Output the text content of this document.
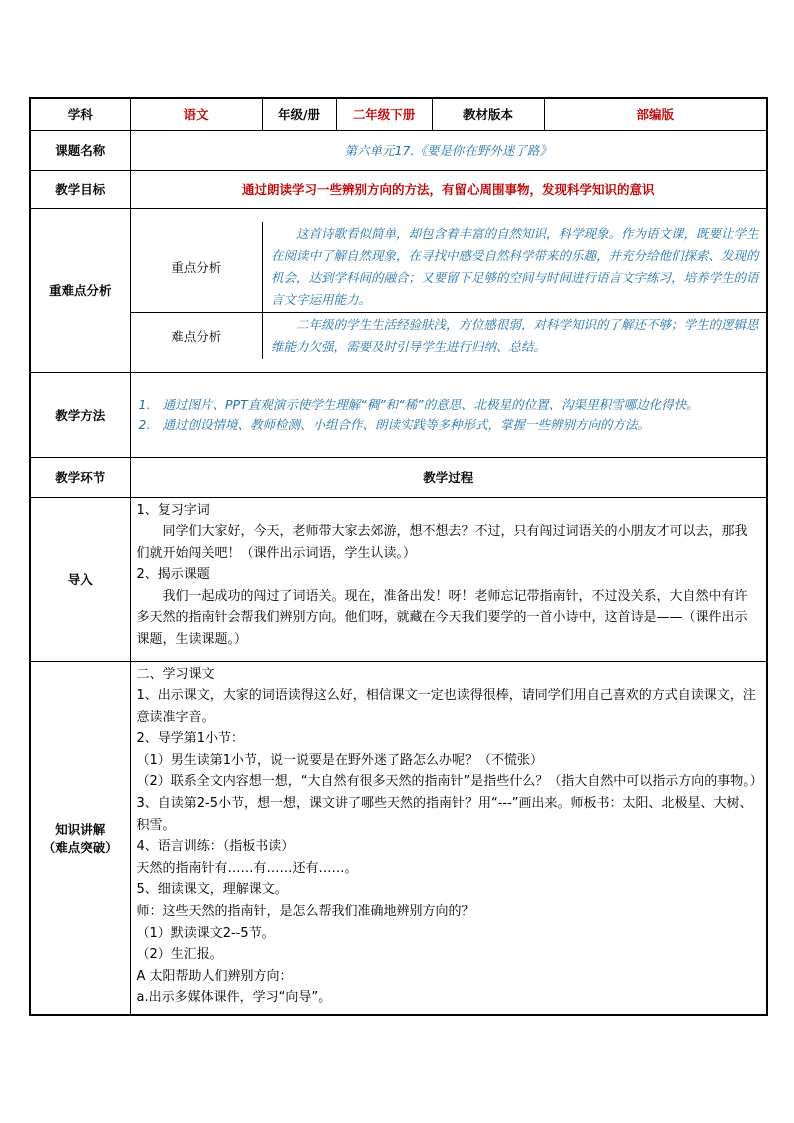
学科	语文	年级/册	二年级下册	教材版本	部编版
课题名称	第六单元17.《要是你在野外迷了路》
教学目标	通过朗读学习一些辨别方向的方法，有留心周围事物，发现科学知识的意识
重难点分析	
重点分析	这首诗歌看似简单，却包含着丰富的自然知识，科学现象。作为语文课，既要让学生在阅读中了解自然现象，在寻找中感受自然科学带来的乐趣，并充分给他们探索、发现的机会，达到学科间的融合；又要留下足够的空间与时间进行语言文字练习，培养学生的语言文字运用能力。
难点分析	二年级的学生生活经验肤浅，方位感很弱，对科学知识的了解还不够；学生的逻辑思维能力欠强，需要及时引导学生进行归纳、总结。

教学方法	
1. 通过图片、PPT直观演示使学生理解“稠”和“稀”的意思、北极星的位置、沟渠里积雪哪边化得快。
2. 通过创设情境、教师检测、小组合作、朗读实践等多种形式，掌握一些辨别方向的方法。

教学环节	教学过程
导入	
1、复习字词
同学们大家好，今天，老师带大家去郊游，想不想去？不过，只有闯过词语关的小朋友才可以去，那我们就开始闯关吧！（课件出示词语，学生认读。）
2、揭示课题
我们一起成功的闯过了词语关。现在，准备出发！呀！老师忘记带指南针，不过没关系，大自然中有许多天然的指南针会帮我们辨别方向。他们呀，就藏在今天我们要学的一首小诗中，这首诗是——（课件出示课题，生读课题。）

知识讲解
（难点突破）

二、学习课文
1、出示课文，大家的词语读得这么好，相信课文一定也读得很棒，请同学们用自己喜欢的方式自读课文，注意读准字音。
2、导学第1小节：
（1）男生读第1小节，说一说要是在野外迷了路怎么办呢？（不慌张）
（2）联系全文内容想一想，“大自然有很多天然的指南针”是指些什么？（指大自然中可以指示方向的事物。）
3、自读第2-5小节，想一想，课文讲了哪些天然的指南针？用“---”画出来。师板书：太阳、北极星、大树、积雪。
4、语言训练：（指板书读）
天然的指南针有……有……还有……。
5、细读课文，理解课文。
师：这些天然的指南针，是怎么帮我们准确地辨别方向的？
（1）默读课文2--5节。
（2）生汇报。
A 太阳帮助人们辨别方向：
a.出示多媒体课件，学习“向导”。
